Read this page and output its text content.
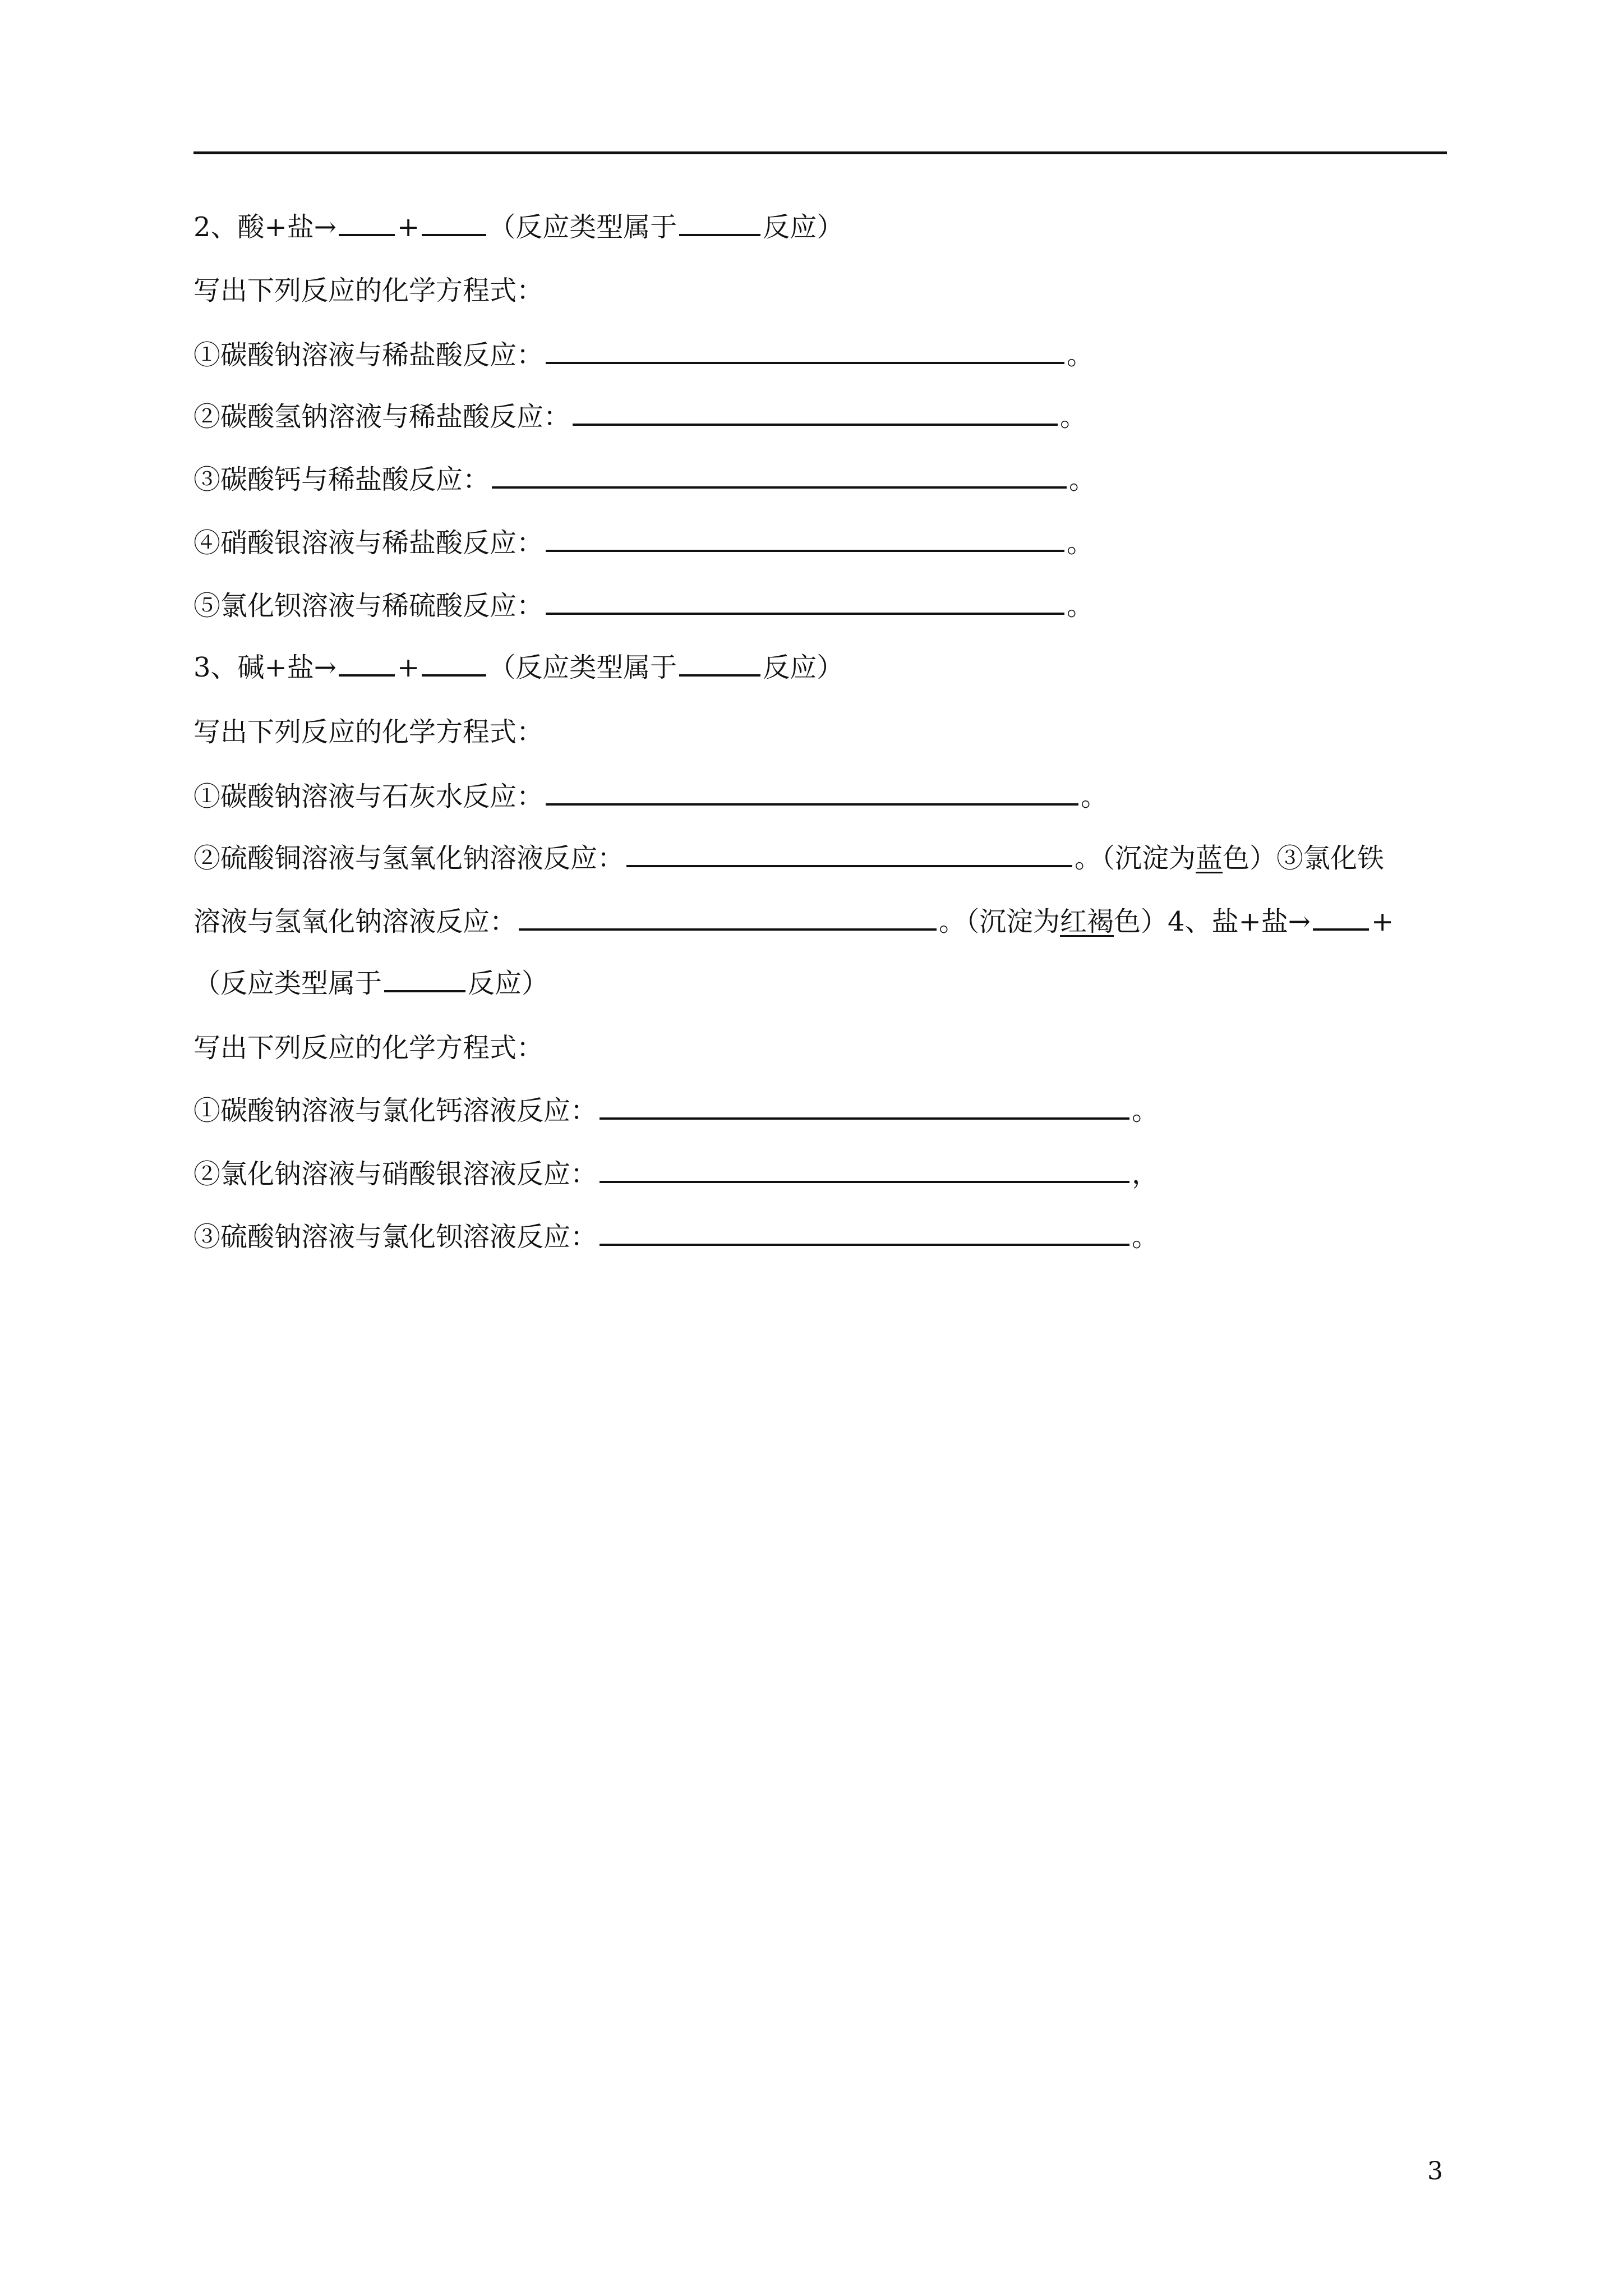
2、酸+盐→ +	（反应类型属于	反应）
写出下列反应的化学方程式：
①碳酸钠溶液与稀盐酸反应：	。
②碳酸氢钠溶液与稀盐酸反应：	。
③碳酸钙与稀盐酸反应：	。
④硝酸银溶液与稀盐酸反应：	。
⑤氯化钡溶液与稀硫酸反应：	。
3、碱+盐→ +	（反应类型属于	反应）
写出下列反应的化学方程式：
①碳酸钠溶液与石灰水反应：	。
②硫酸铜溶液与氢氧化钠溶液反应：	。（沉淀为蓝色）③氯化铁
溶液与氢氧化钠溶液反应：	。（沉淀为红褐色）4、盐+盐→ +
（反应类型属于	反应）
写出下列反应的化学方程式：
①碳酸钠溶液与氯化钙溶液反应：	。
②氯化钠溶液与硝酸银溶液反应：	，
③硫酸钠溶液与氯化钡溶液反应：	。
3
